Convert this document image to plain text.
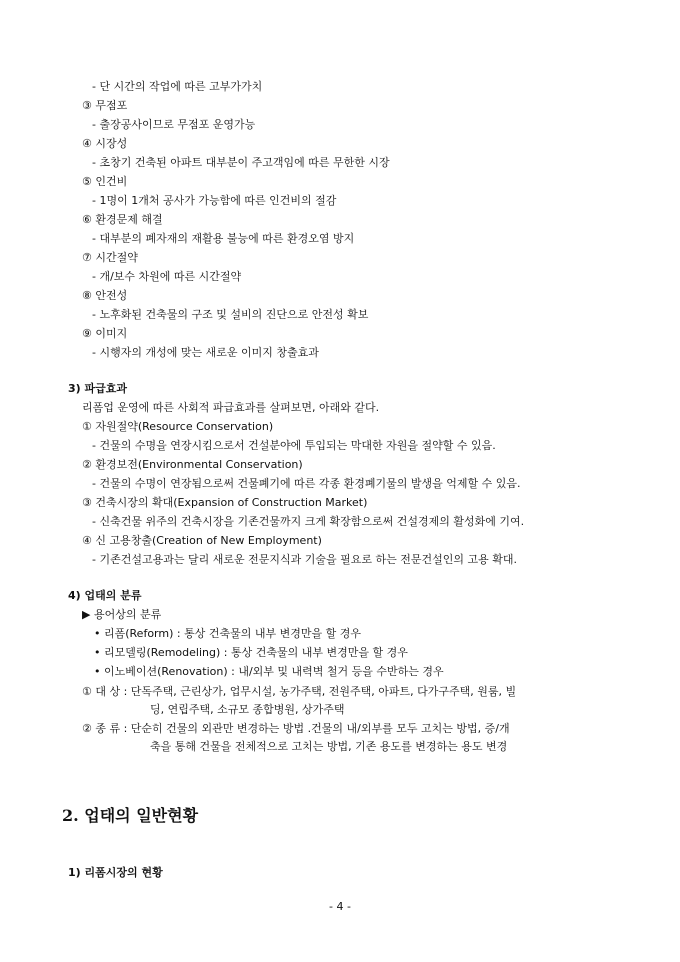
- 단 시간의 작업에 따른 고부가가치
③ 무점포
- 출장공사이므로 무점포 운영가능
④ 시장성
- 초창기 건축된 아파트 대부분이 주고객임에 따른 무한한 시장
⑤ 인건비
- 1명이 1개처 공사가 가능함에 따른 인건비의 절감
⑥ 환경문제 해결
- 대부분의 폐자재의 재활용 불능에 따른 환경오염 방지
⑦ 시간절약
- 개/보수 차원에 따른 시간절약
⑧ 안전성
- 노후화된 건축물의 구조 및 설비의 진단으로 안전성 확보
⑨ 이미지
- 시행자의 개성에 맞는 새로운 이미지 창출효과
3) 파급효과
리폼업 운영에 따른 사회적 파급효과를 살펴보면, 아래와 같다.
① 자원절약(Resource Conservation)
- 건물의 수명을 연장시킴으로서 건설분야에 투입되는 막대한 자원을 절약할 수 있음.
② 환경보전(Environmental Conservation)
- 건물의 수명이 연장됨으로써 건물폐기에 따른 각종 환경폐기물의 발생을 억제할 수 있음.
③ 건축시장의 확대(Expansion of Construction Market)
- 신축건물 위주의 건축시장을 기존건물까지 크게 확장함으로써 건설경제의 활성화에 기여.
④ 신 고용창출(Creation of New Employment)
- 기존건설고용과는 달리 새로운 전문지식과 기술을 필요로 하는 전문건설인의 고용 확대.
4) 업태의 분류
▶ 용어상의 분류
• 리폼(Reform) : 통상 건축물의 내부 변경만을 할 경우
• 리모델링(Remodeling) : 통상 건축물의 내부 변경만을 할 경우
• 이노베이션(Renovation) : 내/외부 및 내력벽 철거 등을 수반하는 경우
① 대 상 : 단독주택, 근린상가, 업무시설, 농가주택, 전원주택, 아파트, 다가구주택, 원룸, 빌
딩, 연립주택, 소규모 종합병원, 상가주택
② 종 류 : 단순히 건물의 외관만 변경하는 방법 .건물의 내/외부를 모두 고치는 방법, 증/개
축을 통해 건물을 전체적으로 고치는 방법, 기존 용도를 변경하는 용도 변경
2. 업태의 일반현황
1) 리폼시장의 현황
- 4 -
